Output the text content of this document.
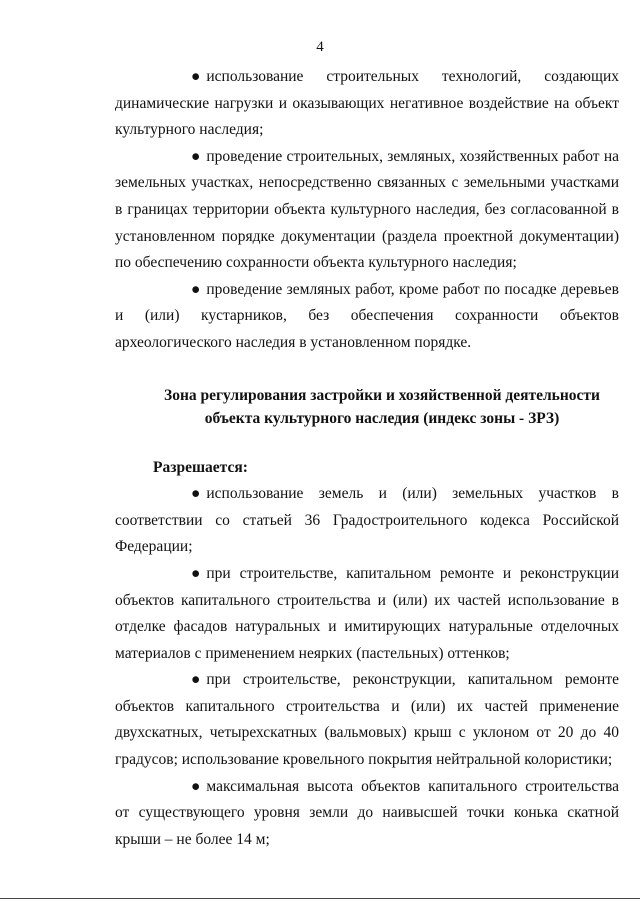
4

● использование строительных технологий, создающих динамические нагрузки и оказывающих негативное воздействие на объект культурного наследия;

● проведение строительных, земляных, хозяйственных работ на земельных участках, непосредственно связанных с земельными участками в границах территории объекта культурного наследия, без согласованной в установленном порядке документации (раздела проектной документации) по обеспечению сохранности объекта культурного наследия;

● проведение земляных работ, кроме работ по посадке деревьев и (или) кустарников, без обеспечения сохранности объектов археологического наследия в установленном порядке.

Зона регулирования застройки и хозяйственной деятельности
объекта культурного наследия (индекс зоны - ЗРЗ)

Разрешается:

● использование земель и (или) земельных участков в соответствии со статьей 36 Градостроительного кодекса Российской Федерации;

● при строительстве, капитальном ремонте и реконструкции объектов капитального строительства и (или) их частей использование в отделке фасадов натуральных и имитирующих натуральные отделочных материалов с применением неярких (пастельных) оттенков;

● при строительстве, реконструкции, капитальном ремонте объектов капитального строительства и (или) их частей применение двухскатных, четырехскатных (вальмовых) крыш с уклоном от 20 до 40 градусов; использование кровельного покрытия нейтральной колористики;

● максимальная высота объектов капитального строительства от существующего уровня земли до наивысшей точки конька скатной крыши – не более 14 м;
